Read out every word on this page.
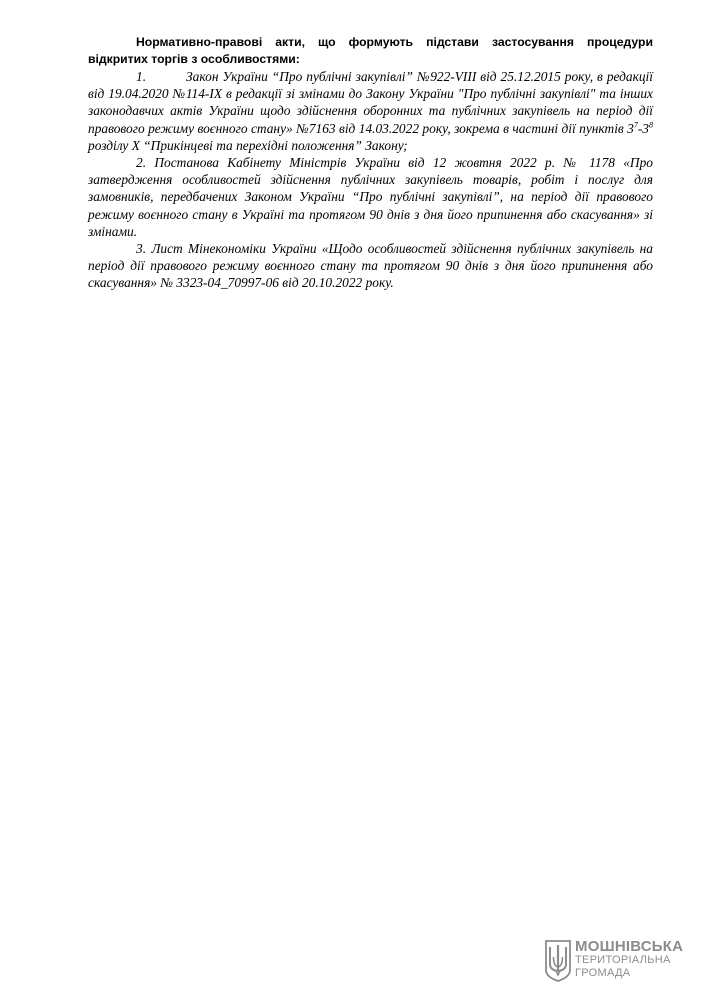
Нормативно-правові акти, що формують підстави застосування процедури відкритих торгів з особливостями:

1.	Закон України “Про публічні закупівлі” №922-VIII від 25.12.2015 року, в редакції від 19.04.2020 №114-IX в редакції зі змінами до Закону України "Про публічні закупівлі" та інших законодавчих актів України щодо здійснення оборонних та публічних закупівель на період дії правового режиму воєнного стану» №7163 від 14.03.2022 року, зокрема в частині дії пунктів $3^7-3^8$ розділу X “Прикінцеві та перехідні положення” Закону;

2. Постанова Кабінету Міністрів України від 12 жовтня 2022 р. № 1178 «Про затвердження особливостей здійснення публічних закупівель товарів, робіт і послуг для замовників, передбачених Законом України “Про публічні закупівлі”, на період дії правового режиму воєнного стану в Україні та протягом 90 днів з дня його припинення або скасування» зі змінами.

3. Лист Мінекономіки України «Щодо особливостей здійснення публічних закупівель на період дії правового режиму воєнного стану та протягом 90 днів з дня його припинення або скасування» № 3323-04_70997-06 від 20.10.2022 року.

МОШНІВСЬКА
ТЕРИТОРІАЛЬНА
ГРОМАДА
